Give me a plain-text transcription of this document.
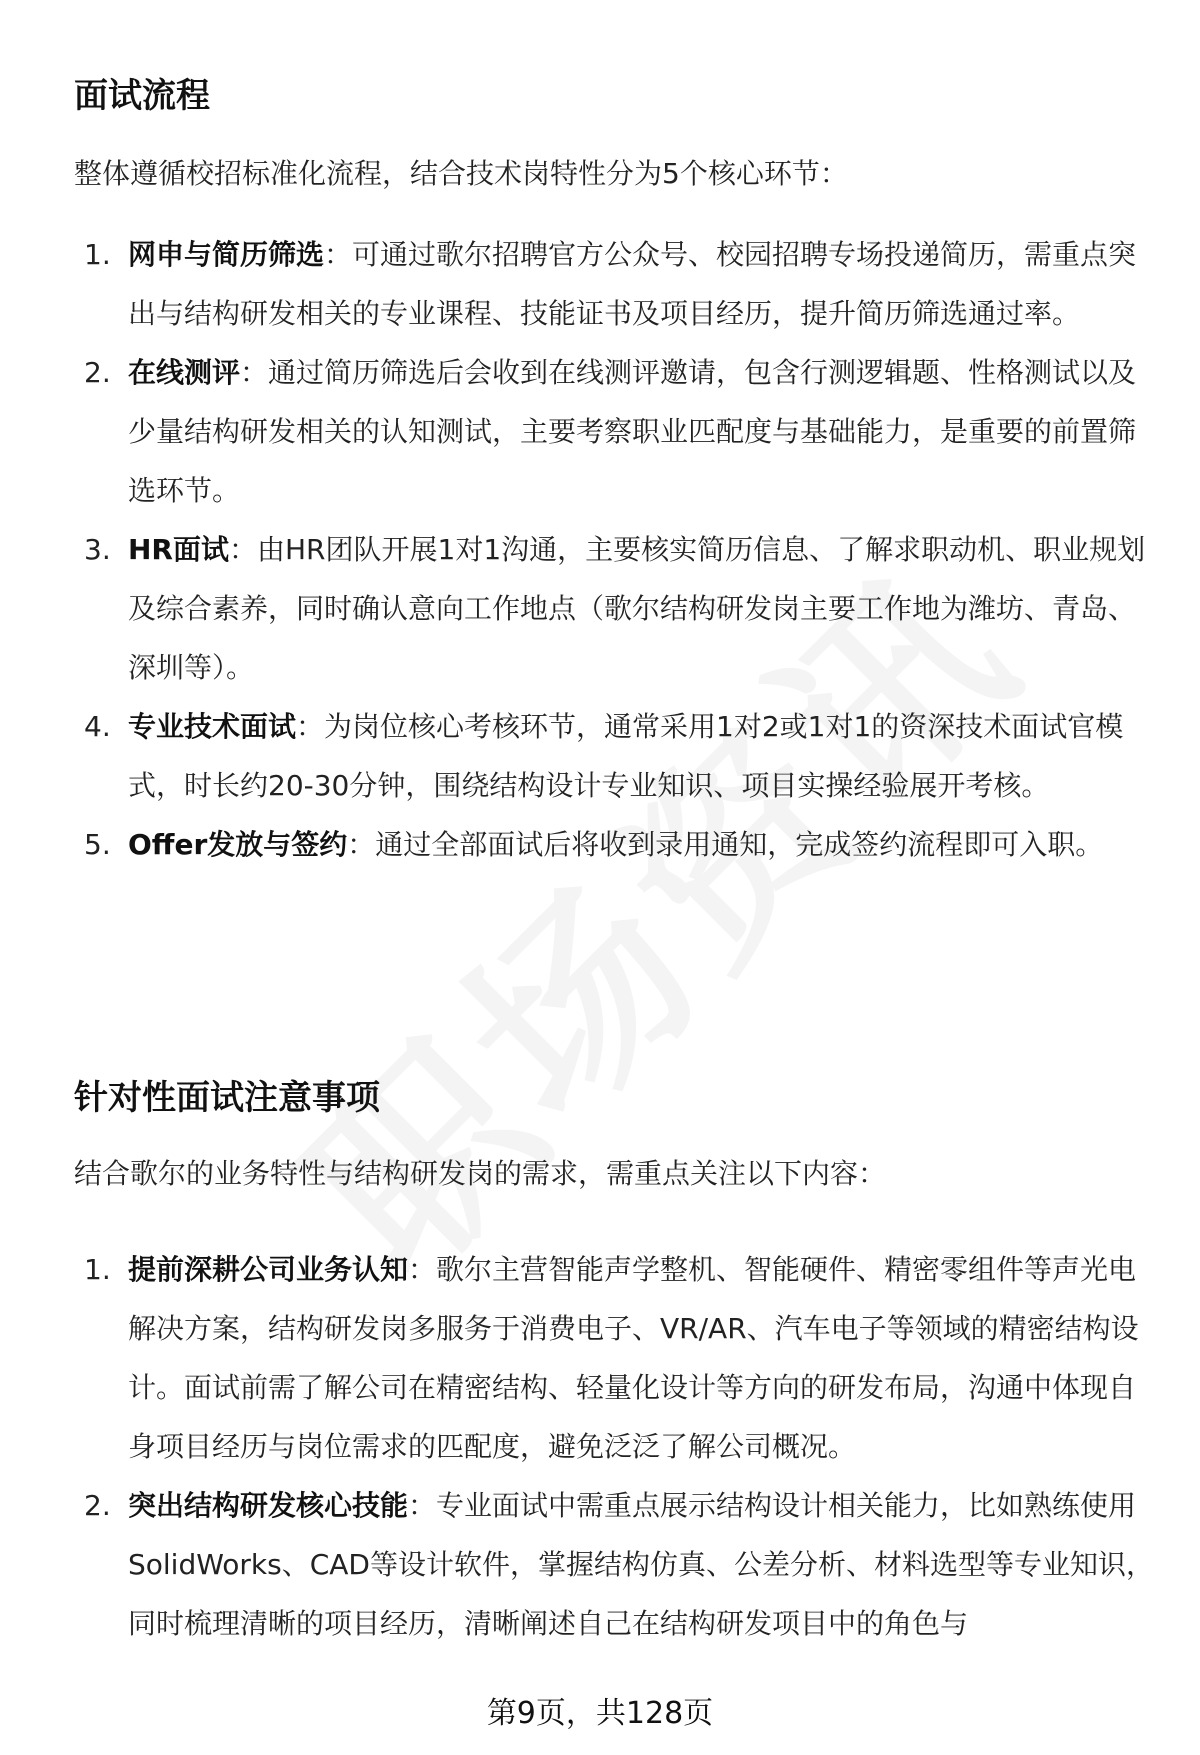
面试流程

整体遵循校招标准化流程，结合技术岗特性分为5个核心环节：

1. 网申与简历筛选：可通过歌尔招聘官方公众号、校园招聘专场投递简历，需重点突出与结构研发相关的专业课程、技能证书及项目经历，提升简历筛选通过率。
2. 在线测评：通过简历筛选后会收到在线测评邀请，包含行测逻辑题、性格测试以及少量结构研发相关的认知测试，主要考察职业匹配度与基础能力，是重要的前置筛选环节。
3. HR面试：由HR团队开展1对1沟通，主要核实简历信息、了解求职动机、职业规划及综合素养，同时确认意向工作地点（歌尔结构研发岗主要工作地为潍坊、青岛、深圳等）。
4. 专业技术面试：为岗位核心考核环节，通常采用1对2或1对1的资深技术面试官模式，时长约20-30分钟，围绕结构设计专业知识、项目实操经验展开考核。
5. Offer发放与签约：通过全部面试后将收到录用通知，完成签约流程即可入职。
针对性面试注意事项

结合歌尔的业务特性与结构研发岗的需求，需重点关注以下内容：

1. 提前深耕公司业务认知：歌尔主营智能声学整机、智能硬件、精密零组件等声光电解决方案，结构研发岗多服务于消费电子、VR/AR、汽车电子等领域的精密结构设计。面试前需了解公司在精密结构、轻量化设计等方向的研发布局，沟通中体现自身项目经历与岗位需求的匹配度，避免泛泛了解公司概况。
2. 突出结构研发核心技能：专业面试中需重点展示结构设计相关能力，比如熟练使用SolidWorks、CAD等设计软件，掌握结构仿真、公差分析、材料选型等专业知识，同时梳理清晰的项目经历，清晰阐述自己在结构研发项目中的角色与
第9页，共128页
